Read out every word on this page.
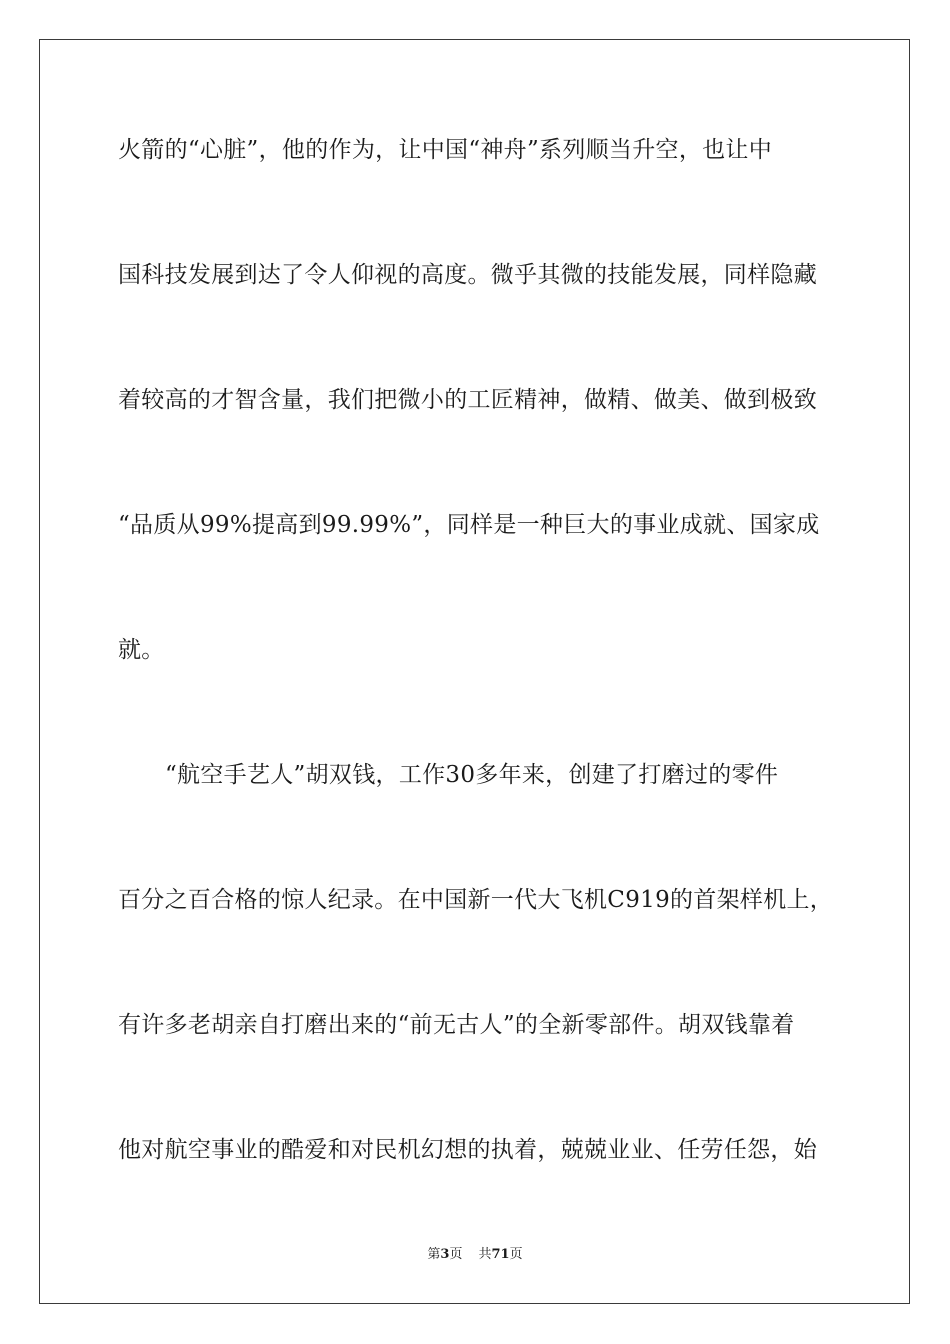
火箭的“心脏”，他的作为，让中国“神舟”系列顺当升空，也让中
国科技发展到达了令人仰视的高度。微乎其微的技能发展，同样隐藏
着较高的才智含量，我们把微小的工匠精神，做精、做美、做到极致
“品质从99%提高到99.99%”，同样是一种巨大的事业成就、国家成
就。
“航空手艺人”胡双钱，工作30多年来，创建了打磨过的零件
百分之百合格的惊人纪录。在中国新一代大飞机C919的首架样机上，
有许多老胡亲自打磨出来的“前无古人”的全新零部件。胡双钱靠着
他对航空事业的酷爱和对民机幻想的执着，兢兢业业、任劳任怨，始
第3页 共71页
